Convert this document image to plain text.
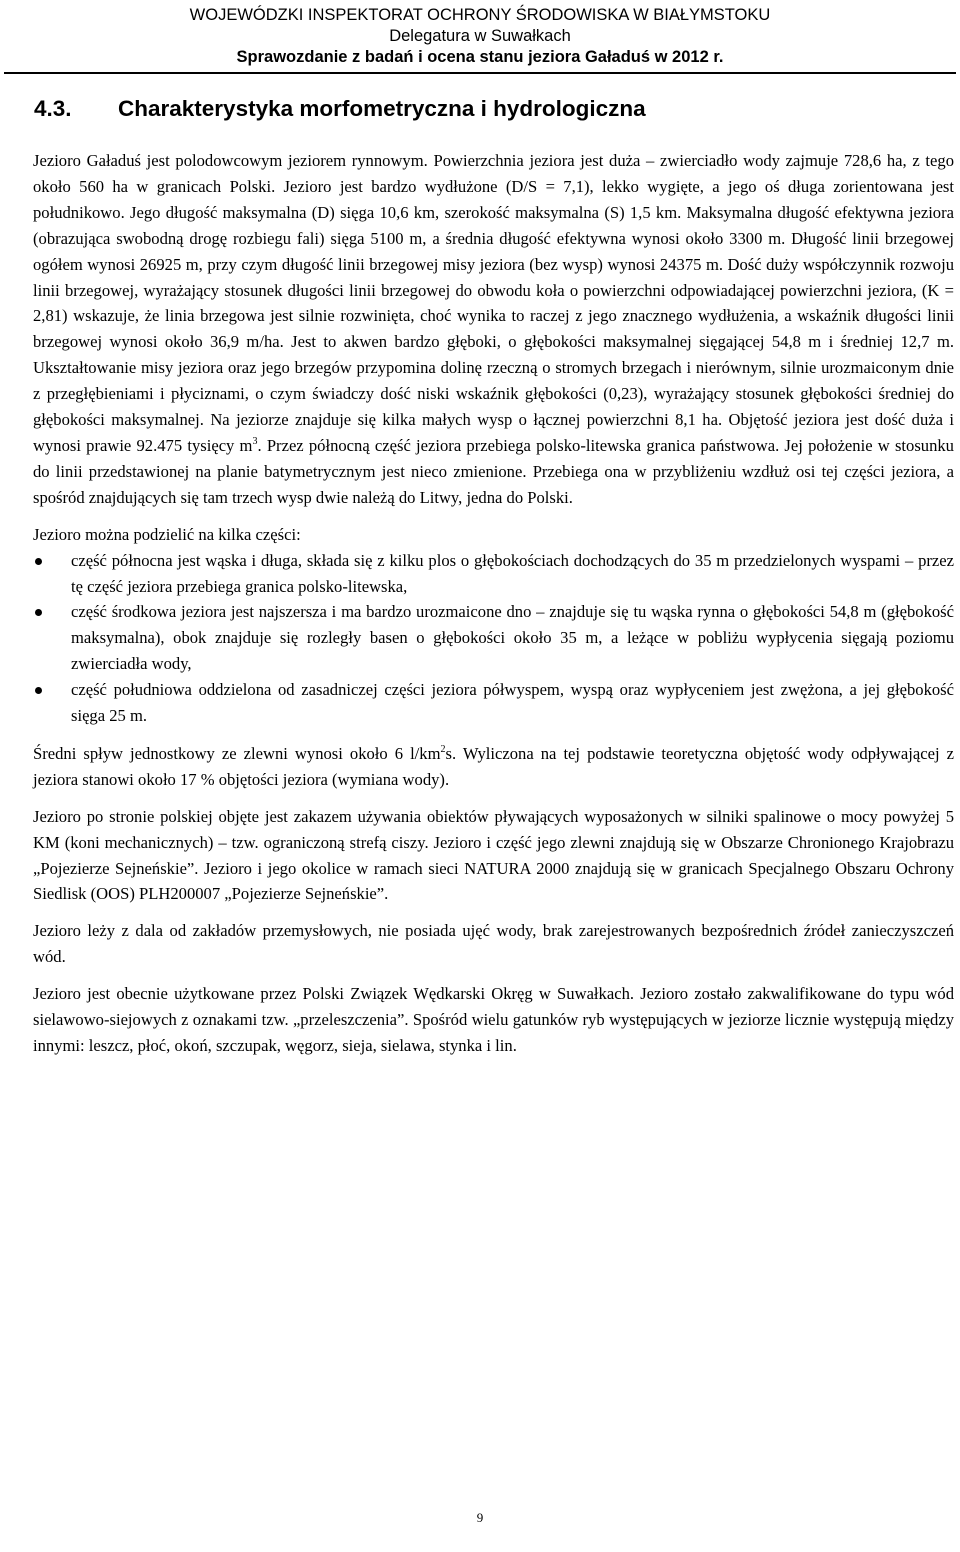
WOJEWÓDZKI INSPEKTORAT OCHRONY ŚRODOWISKA W BIAŁYMSTOKU
Delegatura w Suwałkach
Sprawozdanie z badań i ocena stanu jeziora Gaładuś w 2012 r.
4.3. Charakterystyka morfometryczna i hydrologiczna

Jezioro Gaładuś jest polodowcowym jeziorem rynnowym. Powierzchnia jeziora jest duża – zwierciadło wody zajmuje 728,6 ha, z tego około 560 ha w granicach Polski. Jezioro jest bardzo wydłużone (D/S = 7,1), lekko wygięte, a jego oś długa zorientowana jest południkowo. Jego długość maksymalna (D) sięga 10,6 km, szerokość maksymalna (S) 1,5 km. Maksymalna długość efektywna jeziora (obrazująca swobodną drogę rozbiegu fali) sięga 5100 m, a średnia długość efektywna wynosi około 3300 m. Długość linii brzegowej ogółem wynosi 26925 m, przy czym długość linii brzegowej misy jeziora (bez wysp) wynosi 24375 m. Dość duży współczynnik rozwoju linii brzegowej, wyrażający stosunek długości linii brzegowej do obwodu koła o powierzchni odpowiadającej powierzchni jeziora, (K = 2,81) wskazuje, że linia brzegowa jest silnie rozwinięta, choć wynika to raczej z jego znacznego wydłużenia, a wskaźnik długości linii brzegowej wynosi około 36,9 m/ha. Jest to akwen bardzo głęboki, o głębokości maksymalnej sięgającej 54,8 m i średniej 12,7 m. Ukształtowanie misy jeziora oraz jego brzegów przypomina dolinę rzeczną o stromych brzegach i nierównym, silnie urozmaiconym dnie z przegłębieniami i płyciznami, o czym świadczy dość niski wskaźnik głębokości (0,23), wyrażający stosunek głębokości średniej do głębokości maksymalnej. Na jeziorze znajduje się kilka małych wysp o łącznej powierzchni 8,1 ha. Objętość jeziora jest dość duża i wynosi prawie 92.475 tysięcy $m^3$. Przez północną część jeziora przebiega polsko-litewska granica państwowa. Jej położenie w stosunku do linii przedstawionej na planie batymetrycznym jest nieco zmienione. Przebiega ona w przybliżeniu wzdłuż osi tej części jeziora, a spośród znajdujących się tam trzech wysp dwie należą do Litwy, jedna do Polski.

Jezioro można podzielić na kilka części:

część północna jest wąska i długa, składa się z kilku plos o głębokościach dochodzących do 35 m przedzielonych wyspami – przez tę część jeziora przebiega granica polsko-litewska,
część środkowa jeziora jest najszersza i ma bardzo urozmaicone dno – znajduje się tu wąska rynna o głębokości 54,8 m (głębokość maksymalna), obok znajduje się rozległy basen o głębokości około 35 m, a leżące w pobliżu wypłycenia sięgają poziomu zwierciadła wody,
część południowa oddzielona od zasadniczej części jeziora półwyspem, wyspą oraz wypłyceniem jest zwężona, a jej głębokość sięga 25 m.

Średni spływ jednostkowy ze zlewni wynosi około 6 $l/km^2s$. Wyliczona na tej podstawie teoretyczna objętość wody odpływającej z jeziora stanowi około 17 % objętości jeziora (wymiana wody).

Jezioro po stronie polskiej objęte jest zakazem używania obiektów pływających wyposażonych w silniki spalinowe o mocy powyżej 5 KM (koni mechanicznych) – tzw. ograniczoną strefą ciszy. Jezioro i część jego zlewni znajdują się w Obszarze Chronionego Krajobrazu „Pojezierze Sejneńskie”. Jezioro i jego okolice w ramach sieci NATURA 2000 znajdują się w granicach Specjalnego Obszaru Ochrony Siedlisk (OOS) PLH200007 „Pojezierze Sejneńskie”.

Jezioro leży z dala od zakładów przemysłowych, nie posiada ujęć wody, brak zarejestrowanych bezpośrednich źródeł zanieczyszczeń wód.

Jezioro jest obecnie użytkowane przez Polski Związek Wędkarski Okręg w Suwałkach. Jezioro zostało zakwalifikowane do typu wód sielawowo-siejowych z oznakami tzw. „przeleszczenia”. Spośród wielu gatunków ryb występujących w jeziorze licznie występują między innymi: leszcz, płoć, okoń, szczupak, węgorz, sieja, sielawa, stynka i lin.

9
